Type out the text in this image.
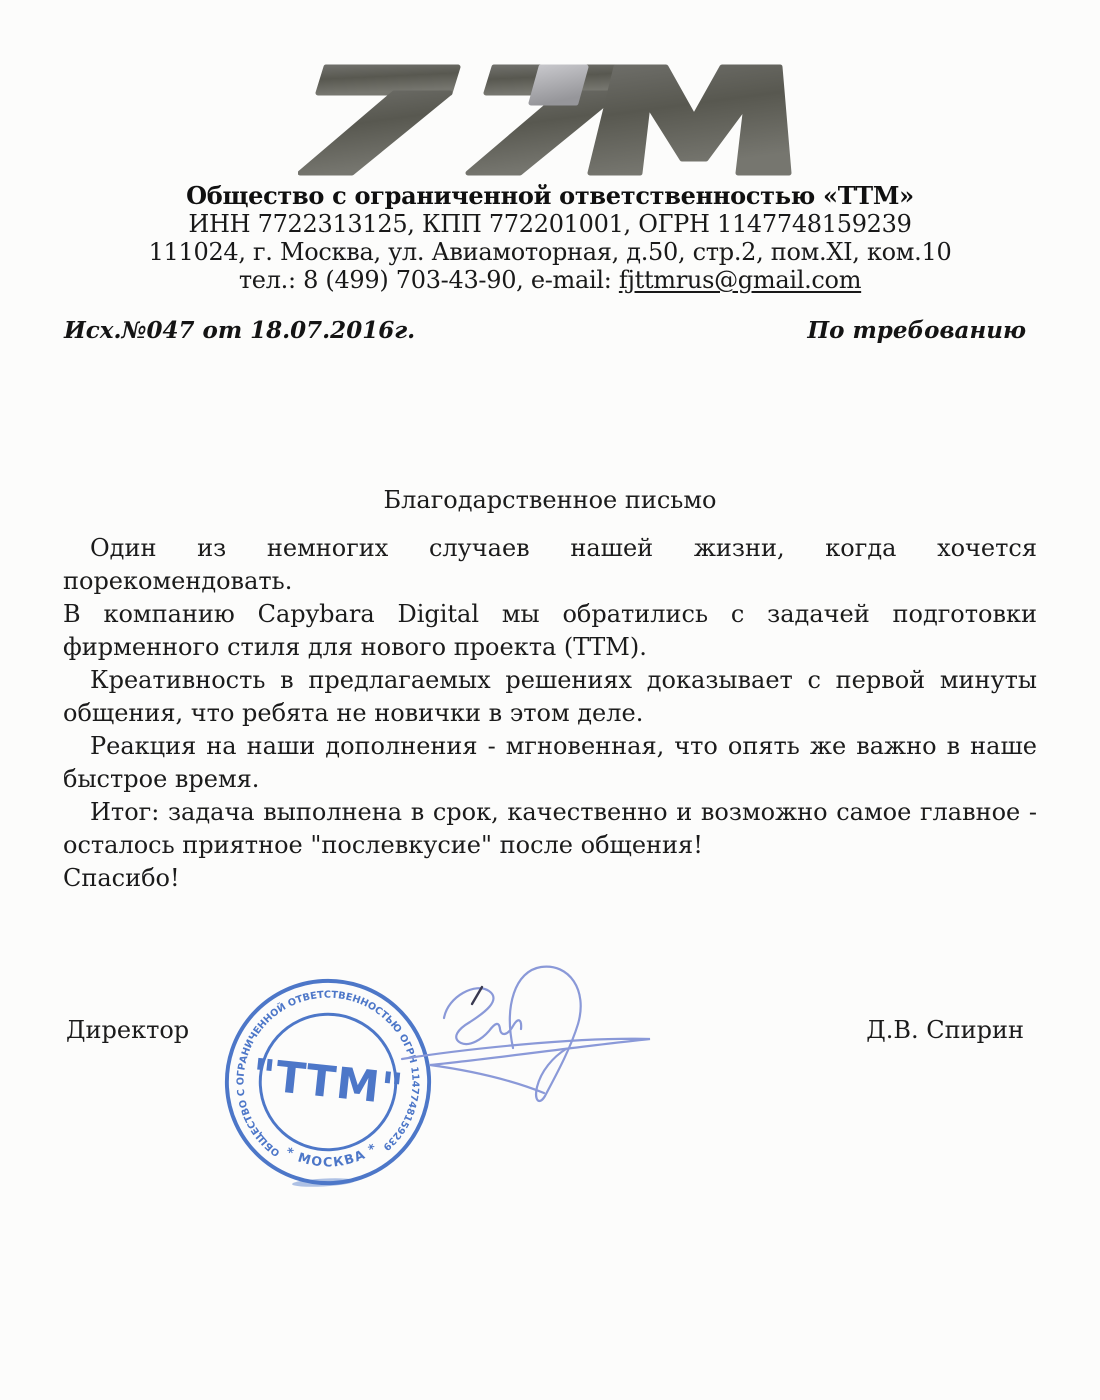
Общество с ограниченной ответственностью «ТТМ»
ИНН 7722313125, КПП 772201001, ОГРН 1147748159239
111024, г. Москва, ул. Авиамоторная, д.50, стр.2, пом.XI, ком.10
тел.: 8 (499) 703-43-90, e-mail: fjttmrus@gmail.com
Исх.№047 от 18.07.2016г.	По требованию
Благодарственное письмо

Один из немногих случаев нашей жизни, когда хочется порекомендовать.

В компанию Capybara Digital мы обратились с задачей подготовки фирменного стиля для нового проекта (ТТМ).

Креативность в предлагаемых решениях доказывает с первой минуты общения, что ребята не новички в этом деле.

Реакция на наши дополнения - мгновенная, что опять же важно в наше быстрое время.

Итог: задача выполнена в срок, качественно и возможно самое главное - осталось приятное "послевкусие" после общения!

Спасибо!

Директор	Д.В. Спирин
ОБЩЕСТВО С ОГРАНИЧЕННОЙ ОТВЕТСТВЕННОСТЬЮ ОГРН 1147748159239
* МОСКВА *
"ТТМ"
